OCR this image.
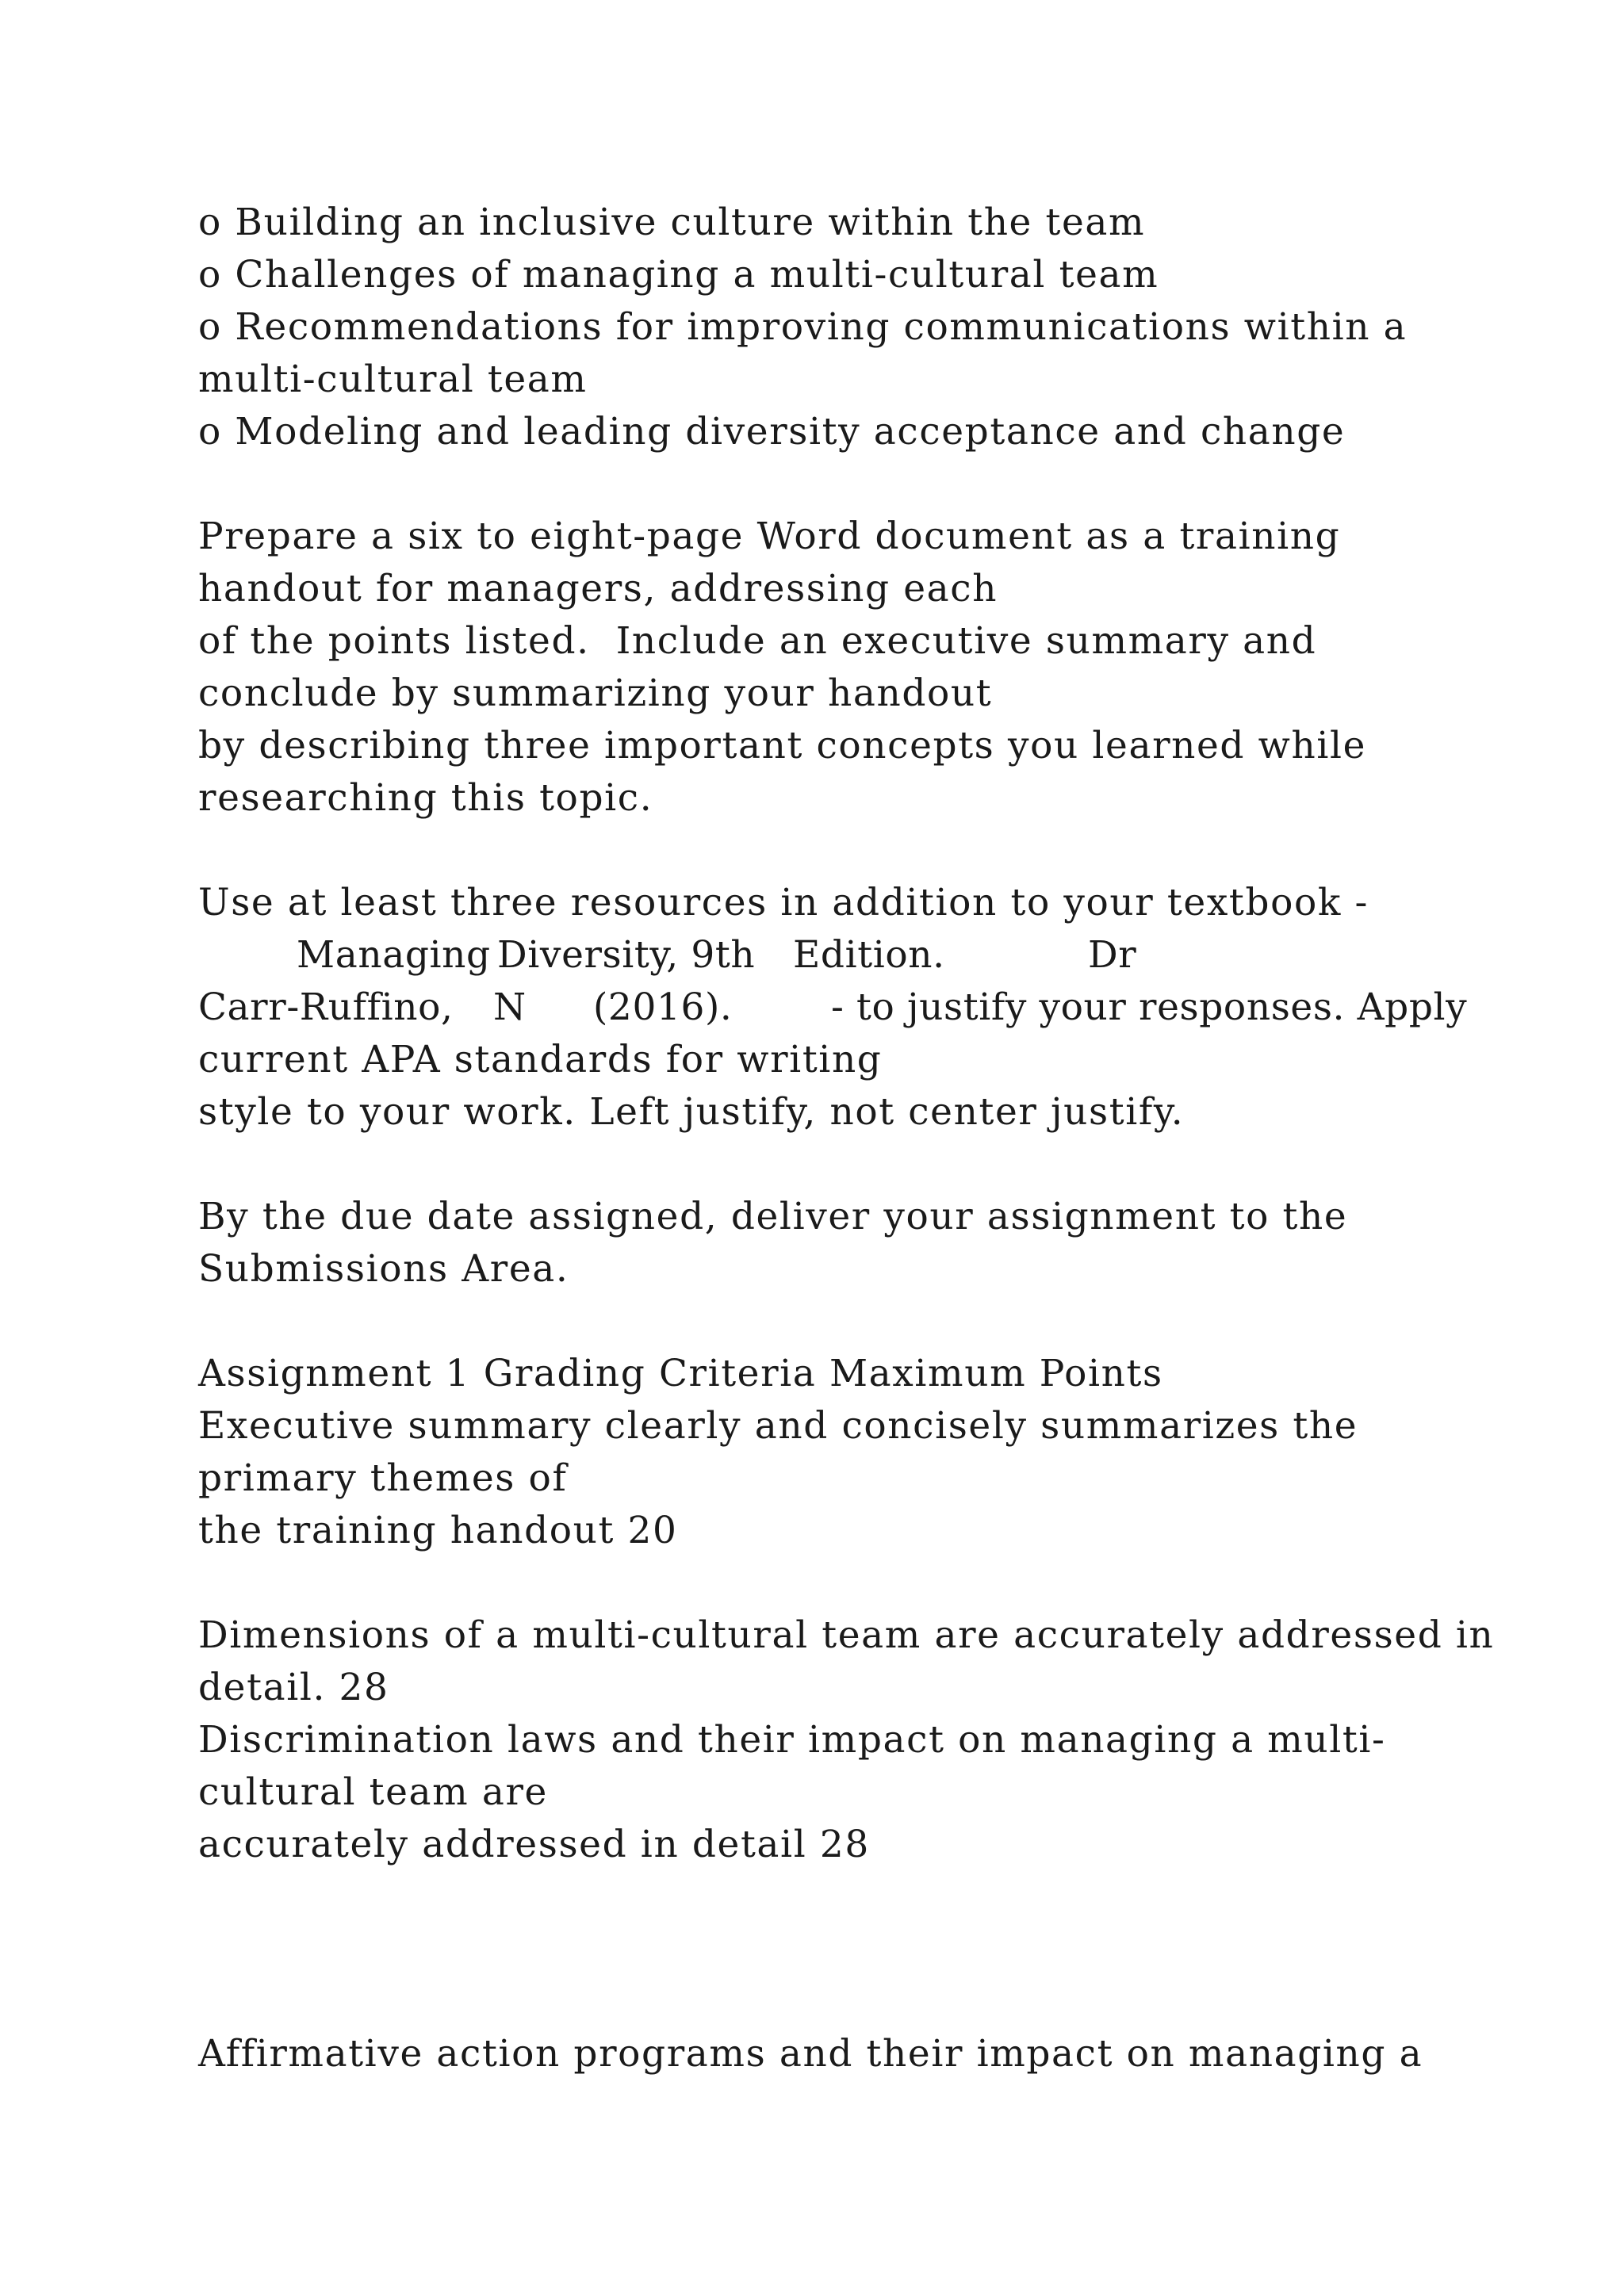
o Building an inclusive culture within the team

o Challenges of managing a multi-cultural team

o Recommendations for improving communications within a

multi-cultural team

o Modeling and leading diversity acceptance and change

Prepare a six to eight-page Word document as a training

handout for managers, addressing each

of the points listed.  Include an executive summary and

conclude by summarizing your handout

by describing three important concepts you learned while

researching this topic.

Use at least three resources in addition to your textbook -

Managing Diversity, 9th Edition.	Dr

Carr-Ruffino, N (2016).	- to justify your responses. Apply

current APA standards for writing

style to your work. Left justify, not center justify.

By the due date assigned, deliver your assignment to the

Submissions Area.

Assignment 1 Grading Criteria Maximum Points

Executive summary clearly and concisely summarizes the

primary themes of

the training handout 20

Dimensions of a multi-cultural team are accurately addressed in

detail. 28

Discrimination laws and their impact on managing a multi-

cultural team are

accurately addressed in detail 28

Affirmative action programs and their impact on managing a
